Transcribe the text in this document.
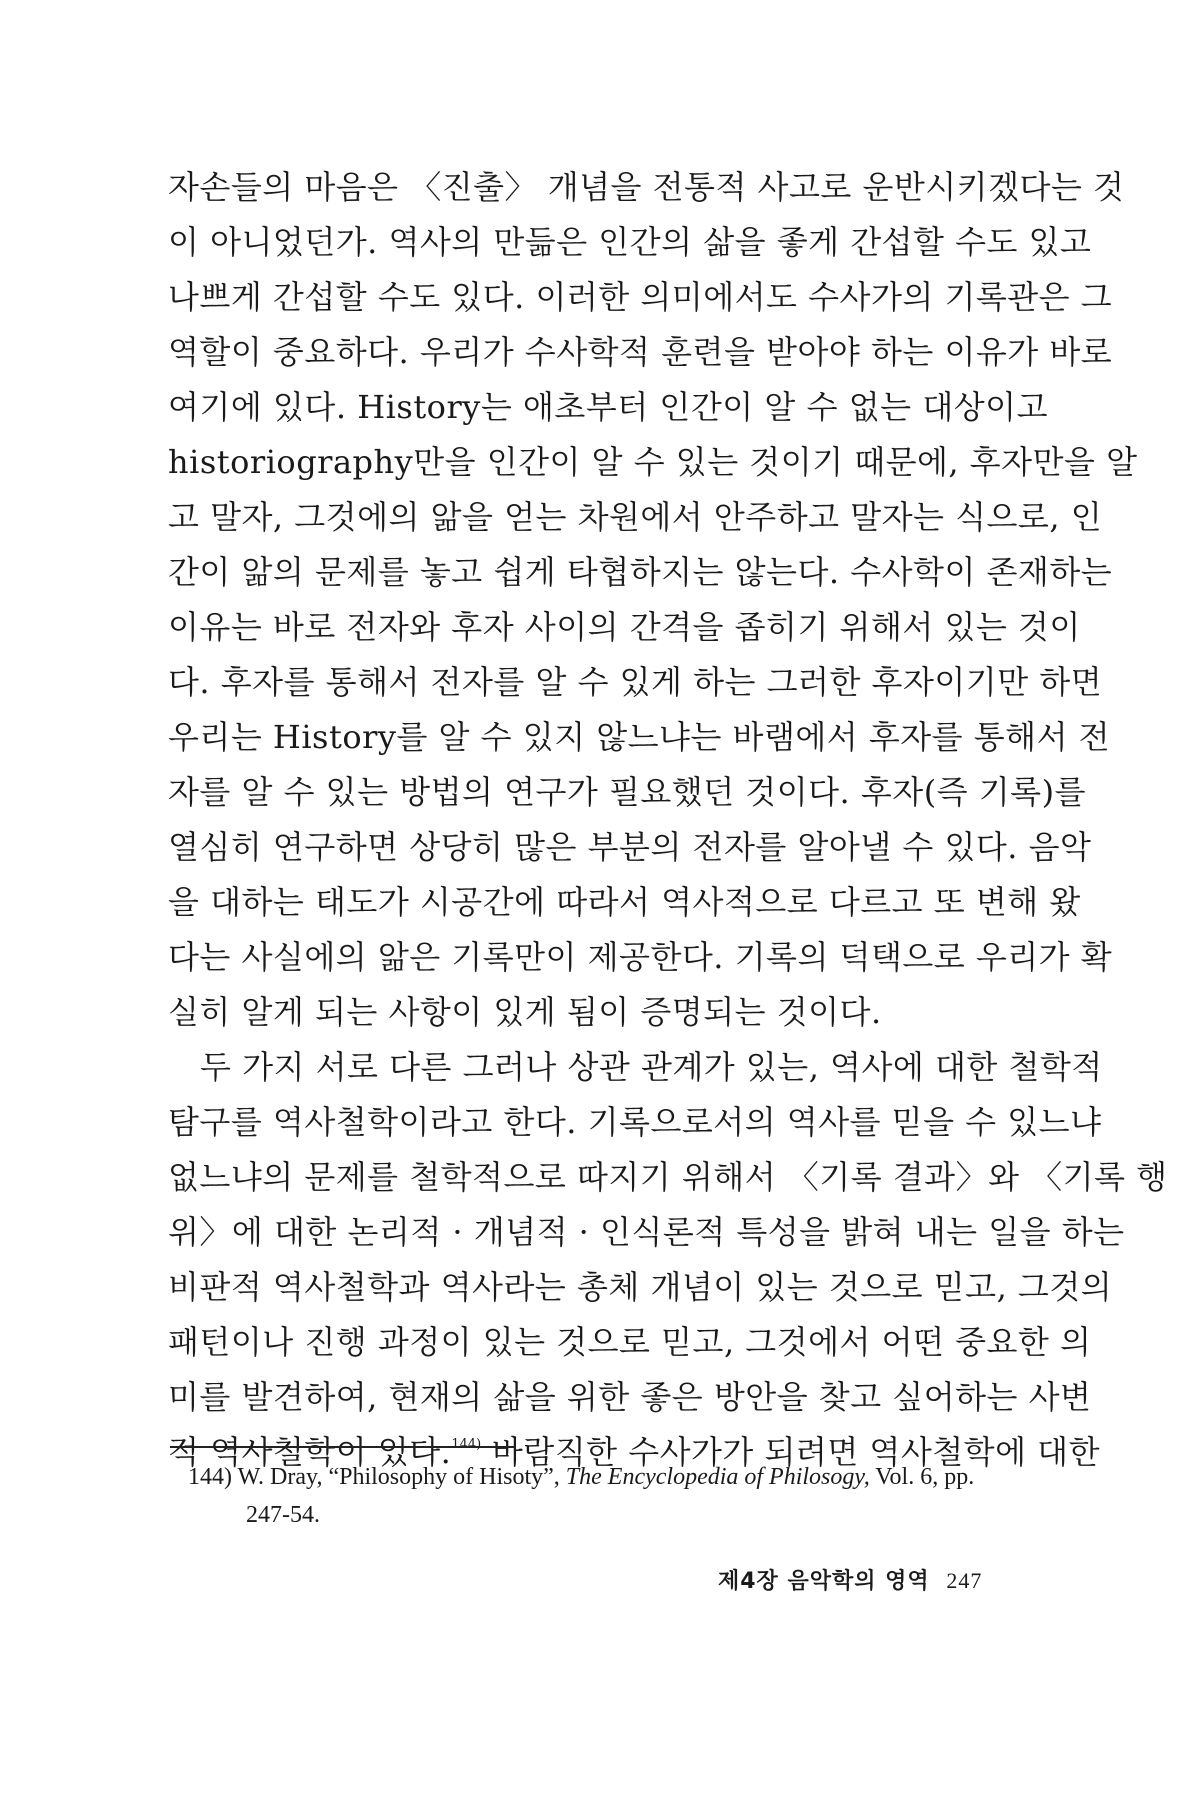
자손들의 마음은 〈진출〉 개념을 전통적 사고로 운반시키겠다는 것
이 아니었던가. 역사의 만듦은 인간의 삶을 좋게 간섭할 수도 있고
나쁘게 간섭할 수도 있다. 이러한 의미에서도 수사가의 기록관은 그
역할이 중요하다. 우리가 수사학적 훈련을 받아야 하는 이유가 바로
여기에 있다. History는 애초부터 인간이 알 수 없는 대상이고
historiography만을 인간이 알 수 있는 것이기 때문에, 후자만을 알
고 말자, 그것에의 앎을 얻는 차원에서 안주하고 말자는 식으로, 인
간이 앎의 문제를 놓고 쉽게 타협하지는 않는다. 수사학이 존재하는
이유는 바로 전자와 후자 사이의 간격을 좁히기 위해서 있는 것이
다. 후자를 통해서 전자를 알 수 있게 하는 그러한 후자이기만 하면
우리는 History를 알 수 있지 않느냐는 바램에서 후자를 통해서 전
자를 알 수 있는 방법의 연구가 필요했던 것이다. 후자(즉 기록)를
열심히 연구하면 상당히 많은 부분의 전자를 알아낼 수 있다. 음악
을 대하는 태도가 시공간에 따라서 역사적으로 다르고 또 변해 왔
다는 사실에의 앎은 기록만이 제공한다. 기록의 덕택으로 우리가 확
실히 알게 되는 사항이 있게 됨이 증명되는 것이다.
두 가지 서로 다른 그러나 상관 관계가 있는, 역사에 대한 철학적
탐구를 역사철학이라고 한다. 기록으로서의 역사를 믿을 수 있느냐
없느냐의 문제를 철학적으로 따지기 위해서 〈기록 결과〉와 〈기록 행
위〉에 대한 논리적 · 개념적 · 인식론적 특성을 밝혀 내는 일을 하는
비판적 역사철학과 역사라는 총체 개념이 있는 것으로 믿고, 그것의
패턴이나 진행 과정이 있는 것으로 믿고, 그것에서 어떤 중요한 의
미를 발견하여, 현재의 삶을 위한 좋은 방안을 찾고 싶어하는 사변
적 역사철학이 있다.$^{144)}$ 바람직한 수사가가 되려면 역사철학에 대한
144) W. Dray, “Philosophy of Hisoty”, The Encyclopedia of Philosogy, Vol. 6, pp.
247-54.
제4장 음악학의 영역 247
